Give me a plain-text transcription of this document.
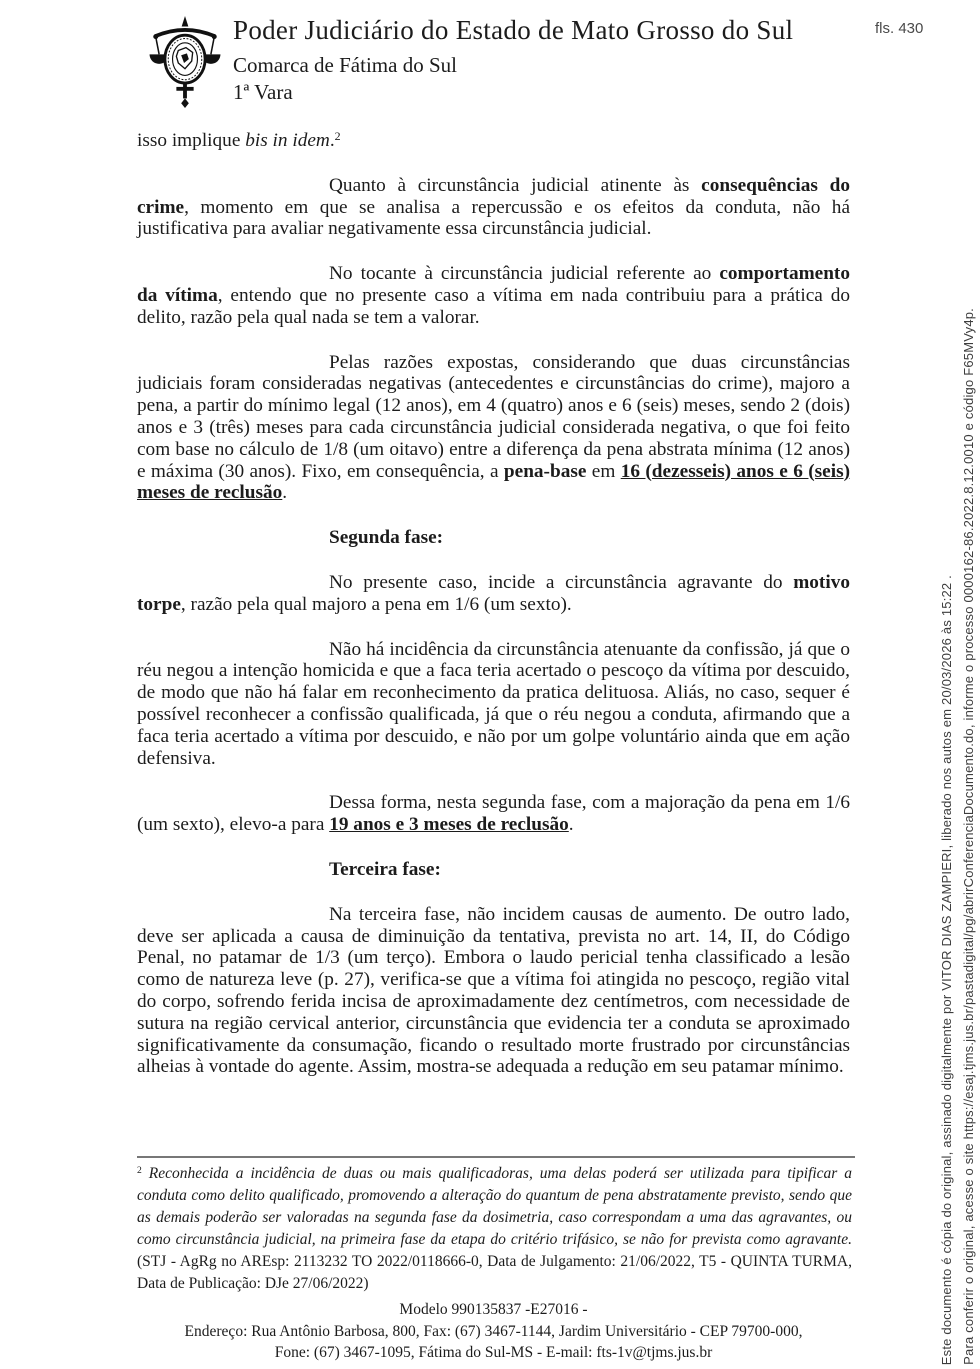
Poder Judiciário do Estado de Mato Grosso do Sul
Comarca de Fátima do Sul
1ª Vara
fls. 430

isso implique bis in idem.$^2$

Quanto à circunstância judicial atinente às consequências do crime, momento em que se analisa a repercussão e os efeitos da conduta, não há justificativa para avaliar negativamente essa circunstância judicial.

No tocante à circunstância judicial referente ao comportamento da vítima, entendo que no presente caso a vítima em nada contribuiu para a prática do delito, razão pela qual nada se tem a valorar.

Pelas razões expostas, considerando que duas circunstâncias judiciais foram consideradas negativas (antecedentes e circunstâncias do crime), majoro a pena, a partir do mínimo legal (12 anos), em 4 (quatro) anos e 6 (seis) meses, sendo 2 (dois) anos e 3 (três) meses para cada circunstância judicial considerada negativa, o que foi feito com base no cálculo de 1/8 (um oitavo) entre a diferença da pena abstrata mínima (12 anos) e máxima (30 anos). Fixo, em consequência, a pena-base em 16 (dezesseis) anos e 6 (seis) meses de reclusão.

Segunda fase:

No presente caso, incide a circunstância agravante do motivo torpe, razão pela qual majoro a pena em 1/6 (um sexto).

Não há incidência da circunstância atenuante da confissão, já que o réu negou a intenção homicida e que a faca teria acertado o pescoço da vítima por descuido, de modo que não há falar em reconhecimento da pratica delituosa. Aliás, no caso, sequer é possível reconhecer a confissão qualificada, já que o réu negou a conduta, afirmando que a faca teria acertado a vítima por descuido, e não por um golpe voluntário ainda que em ação defensiva.

Dessa forma, nesta segunda fase, com a majoração da pena em 1/6 (um sexto), elevo-a para 19 anos e 3 meses de reclusão.

Terceira fase:

Na terceira fase, não incidem causas de aumento. De outro lado, deve ser aplicada a causa de diminuição da tentativa, prevista no art. 14, II, do Código Penal, no patamar de 1/3 (um terço). Embora o laudo pericial tenha classificado a lesão como de natureza leve (p. 27), verifica-se que a vítima foi atingida no pescoço, região vital do corpo, sofrendo ferida incisa de aproximadamente dez centímetros, com necessidade de sutura na região cervical anterior, circunstância que evidencia ter a conduta se aproximado significativamente da consumação, ficando o resultado morte frustrado por circunstâncias alheias à vontade do agente. Assim, mostra-se adequada a redução em seu patamar mínimo.

$^2$ Reconhecida a incidência de duas ou mais qualificadoras, uma delas poderá ser utilizada para tipificar a conduta como delito qualificado, promovendo a alteração do quantum de pena abstratamente previsto, sendo que as demais poderão ser valoradas na segunda fase da dosimetria, caso correspondam a uma das agravantes, ou como circunstância judicial, na primeira fase da etapa do critério trifásico, se não for prevista como agravante. (STJ - AgRg no AREsp: 2113232 TO 2022/0118666-0, Data de Julgamento: 21/06/2022, T5 - QUINTA TURMA, Data de Publicação: DJe 27/06/2022)
Modelo 990135837 -E27016 -
Endereço: Rua Antônio Barbosa, 800, Fax: (67) 3467-1144, Jardim Universitário - CEP 79700-000,
Fone: (67) 3467-1095, Fátima do Sul-MS - E-mail: fts-1v@tjms.jus.br	Este documento é cópia do original, assinado digitalmente por VITOR DIAS ZAMPIERI, liberado nos autos em 20/03/2026 às 15:22 . Para conferir o original, acesse o site https://esaj.tjms.jus.br/pastadigital/pg/abrirConferenciaDocumento.do, informe o processo 0000162-86.2022.8.12.0010 e código F65MVy4p.
